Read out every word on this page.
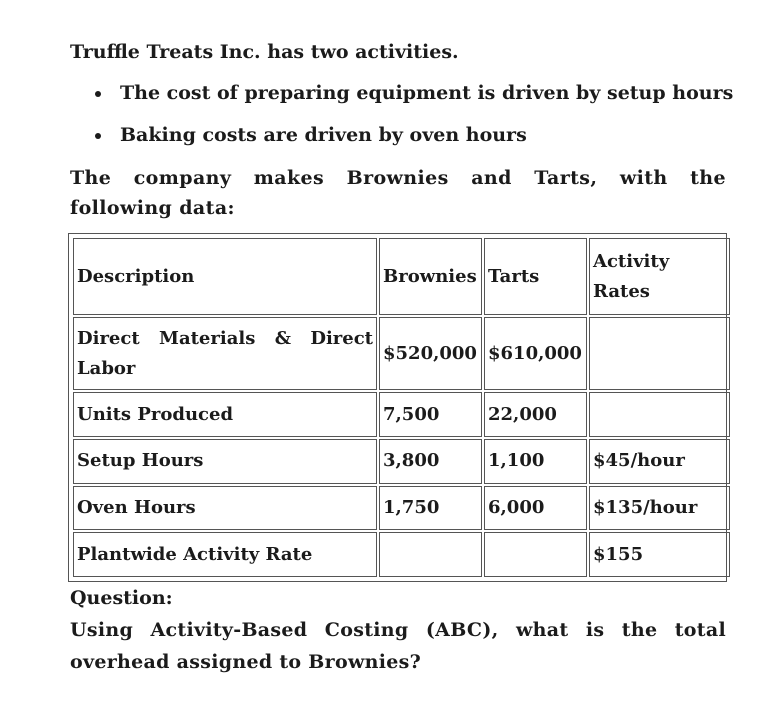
Truffle Treats Inc. has two activities.

The cost of preparing equipment is driven by setup hours
Baking costs are driven by oven hours

The company makes Brownies and Tarts, with the following data:

Description	Brownies	Tarts	Activity Rates
Direct Materials & Direct Labor	$520,000	$610,000	
Units Produced	7,500	22,000	
Setup Hours	3,800	1,100	$45/hour
Oven Hours	1,750	6,000	$135/hour
Plantwide Activity Rate			$155

Question:

Using Activity-Based Costing (ABC), what is the total overhead assigned to Brownies?
